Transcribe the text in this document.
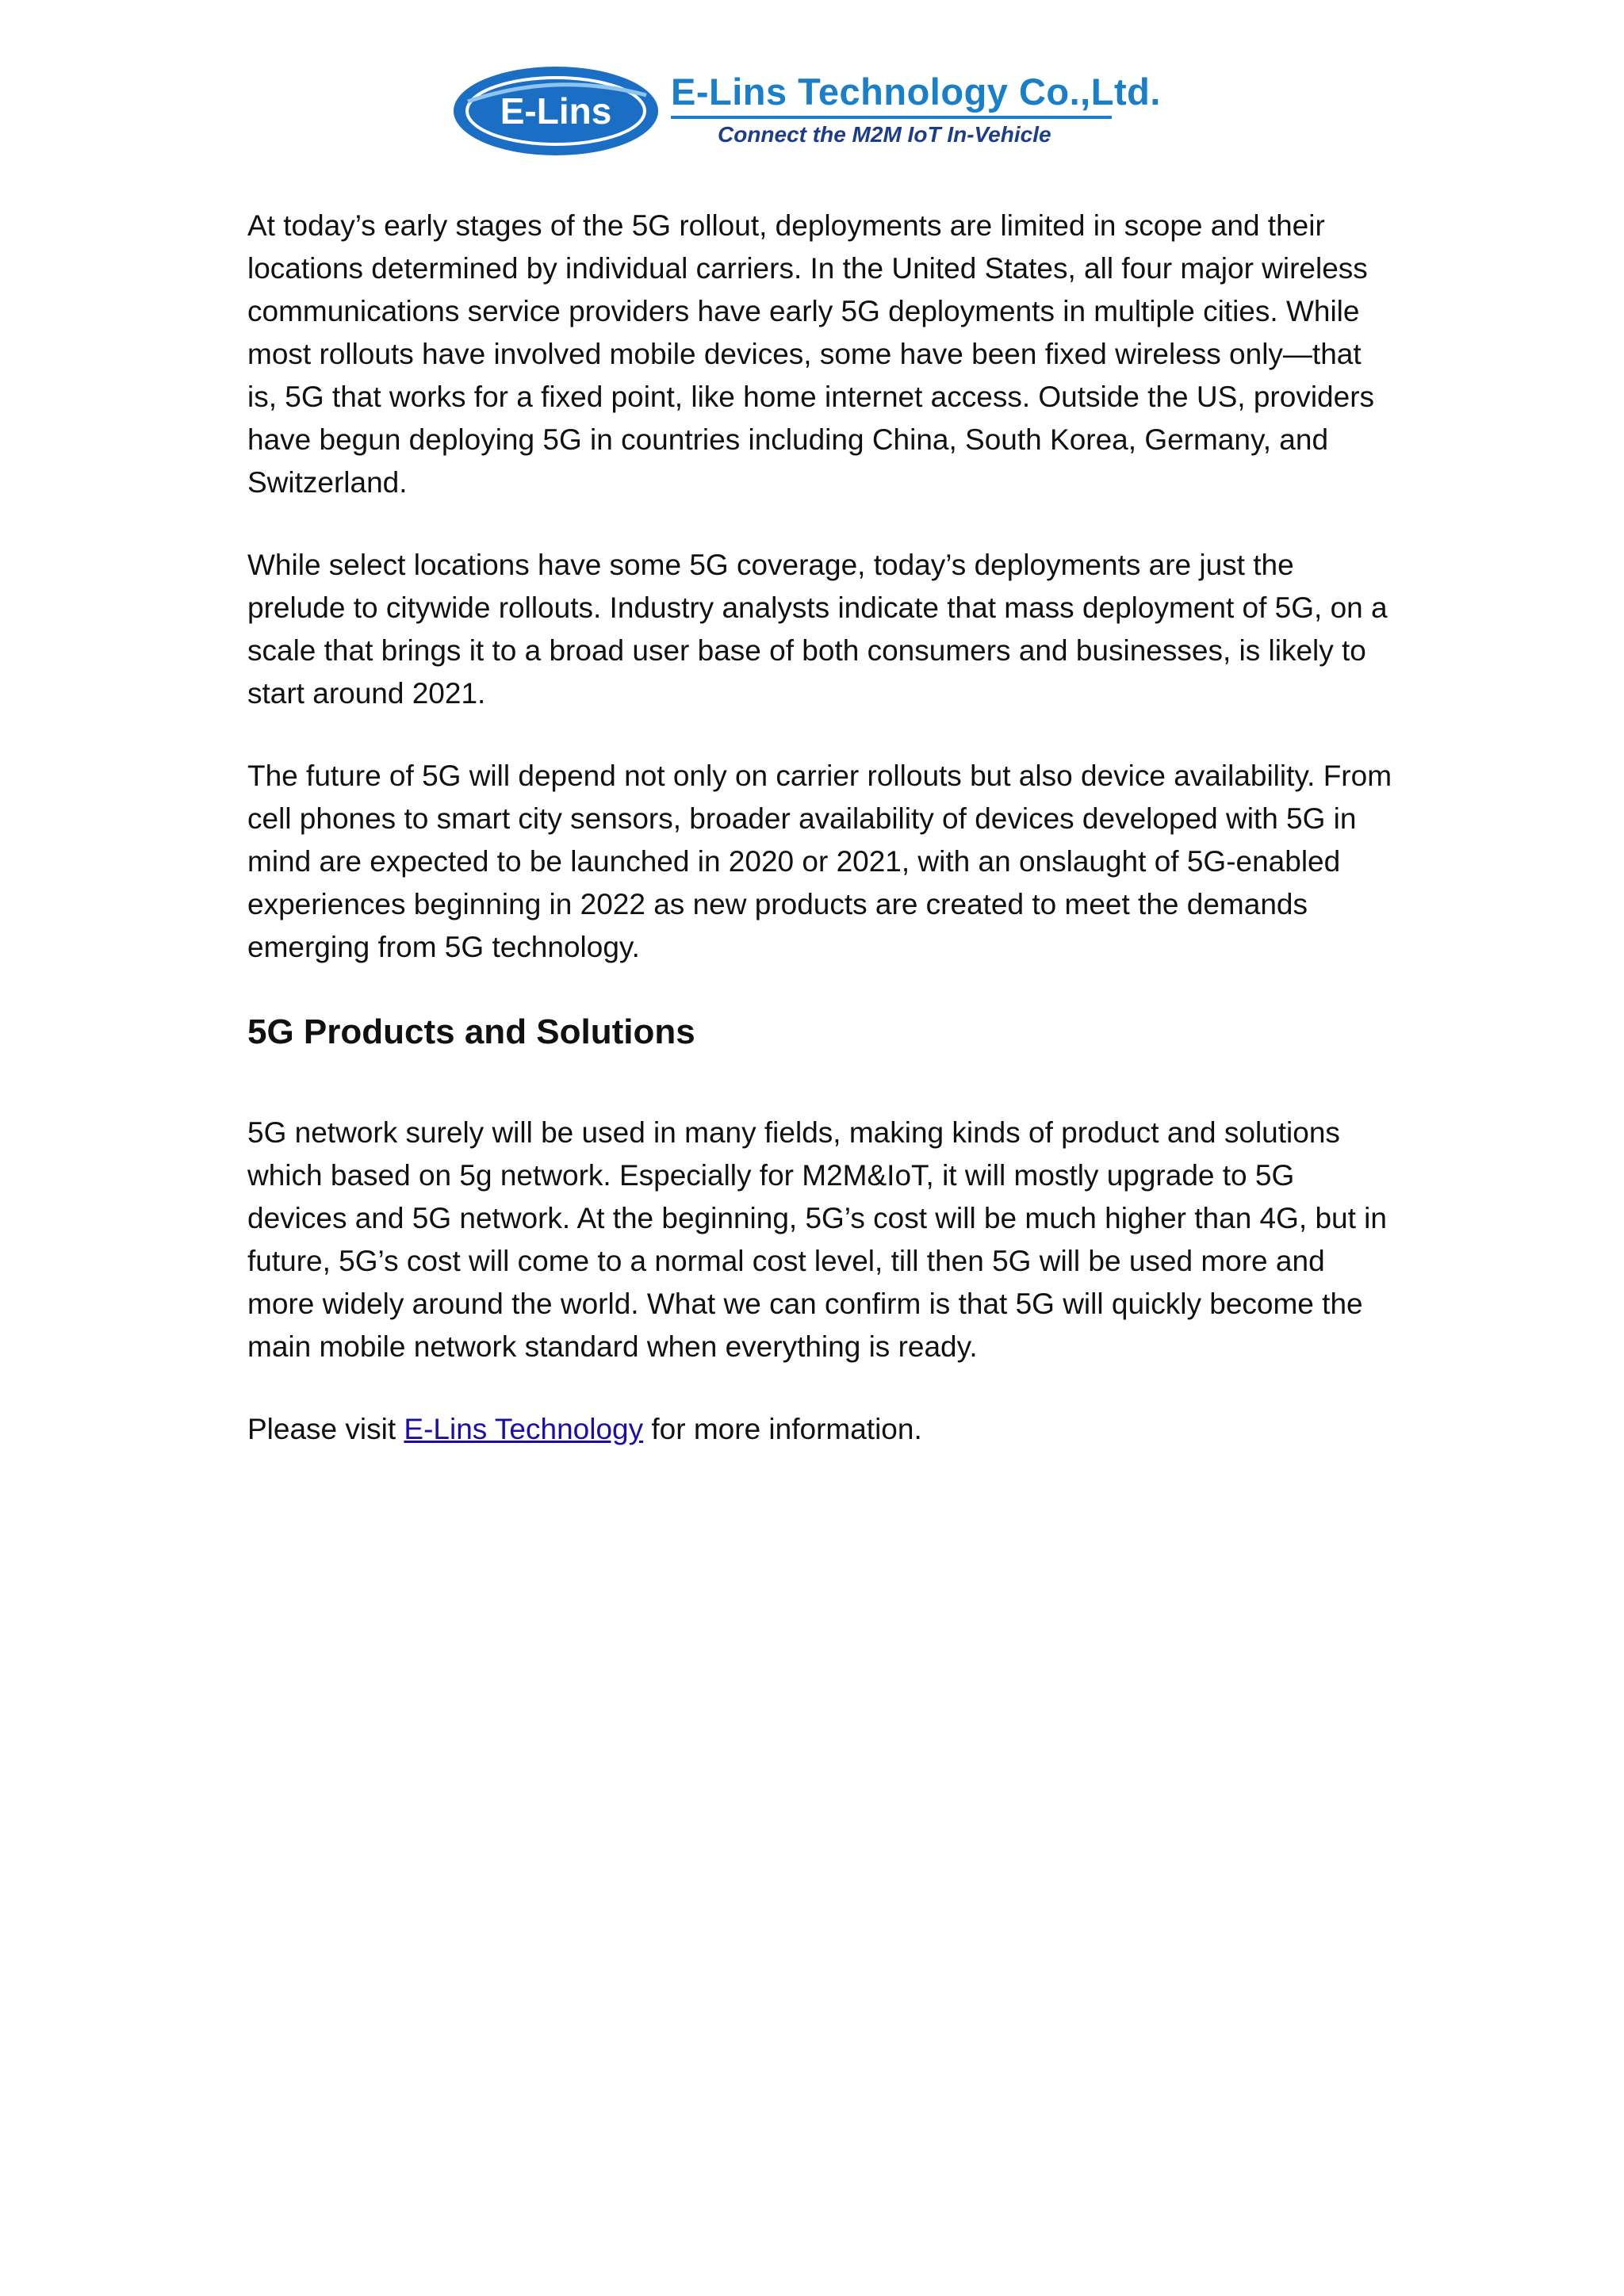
E-Lins E-Lins Technology Co.,Ltd.
Connect the M2M IoT In-Vehicle

At today’s early stages of the 5G rollout, deployments are limited in scope and their locations determined by individual carriers. In the United States, all four major wireless communications service providers have early 5G deployments in multiple cities. While most rollouts have involved mobile devices, some have been fixed wireless only—that is, 5G that works for a fixed point, like home internet access. Outside the US, providers have begun deploying 5G in countries including China, South Korea, Germany, and Switzerland.

While select locations have some 5G coverage, today’s deployments are just the prelude to citywide rollouts. Industry analysts indicate that mass deployment of 5G, on a scale that brings it to a broad user base of both consumers and businesses, is likely to start around 2021.

The future of 5G will depend not only on carrier rollouts but also device availability. From cell phones to smart city sensors, broader availability of devices developed with 5G in mind are expected to be launched in 2020 or 2021, with an onslaught of 5G-enabled experiences beginning in 2022 as new products are created to meet the demands emerging from 5G technology.

5G Products and Solutions

5G network surely will be used in many fields, making kinds of product and solutions which based on 5g network. Especially for M2M&IoT, it will mostly upgrade to 5G devices and 5G network. At the beginning, 5G’s cost will be much higher than 4G, but in future, 5G’s cost will come to a normal cost level, till then 5G will be used more and more widely around the world. What we can confirm is that 5G will quickly become the main mobile network standard when everything is ready.

Please visit E-Lins Technology for more information.
